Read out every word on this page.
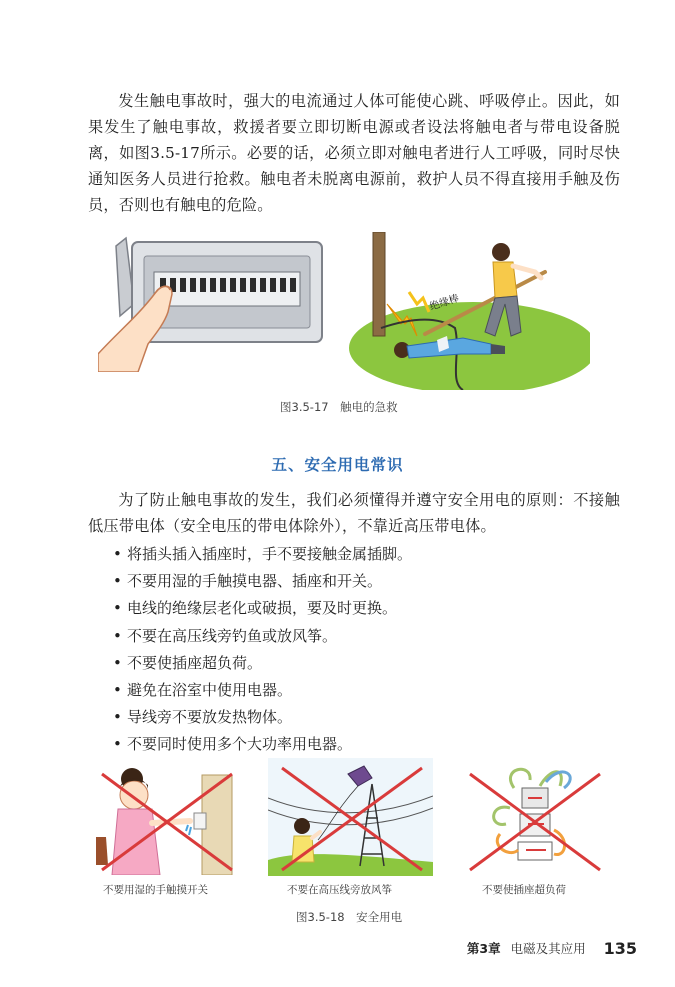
发生触电事故时，强大的电流通过人体可能使心跳、呼吸停止。因此，如果发生了触电事故，救援者要立即切断电源或者设法将触电者与带电设备脱离，如图3.5-17所示。必要的话，必须立即对触电者进行人工呼吸，同时尽快通知医务人员进行抢救。触电者未脱离电源前，救护人员不得直接用手触及伤员，否则也有触电的危险。

绝缘棒
图3.5-17　触电的急救
五、安全用电常识

为了防止触电事故的发生，我们必须懂得并遵守安全用电的原则：不接触低压带电体（安全电压的带电体除外），不靠近高压带电体。

• 将插头插入插座时，手不要接触金属插脚。
• 不要用湿的手触摸电器、插座和开关。
• 电线的绝缘层老化或破损，要及时更换。
• 不要在高压线旁钓鱼或放风筝。
• 不要使插座超负荷。
• 避免在浴室中使用电器。
• 导线旁不要放发热物体。
• 不要同时使用多个大功率用电器。
不要用湿的手触摸开关	不要在高压线旁放风筝	不要使插座超负荷
图3.5-18　安全用电
第3章 电磁及其应用 135
